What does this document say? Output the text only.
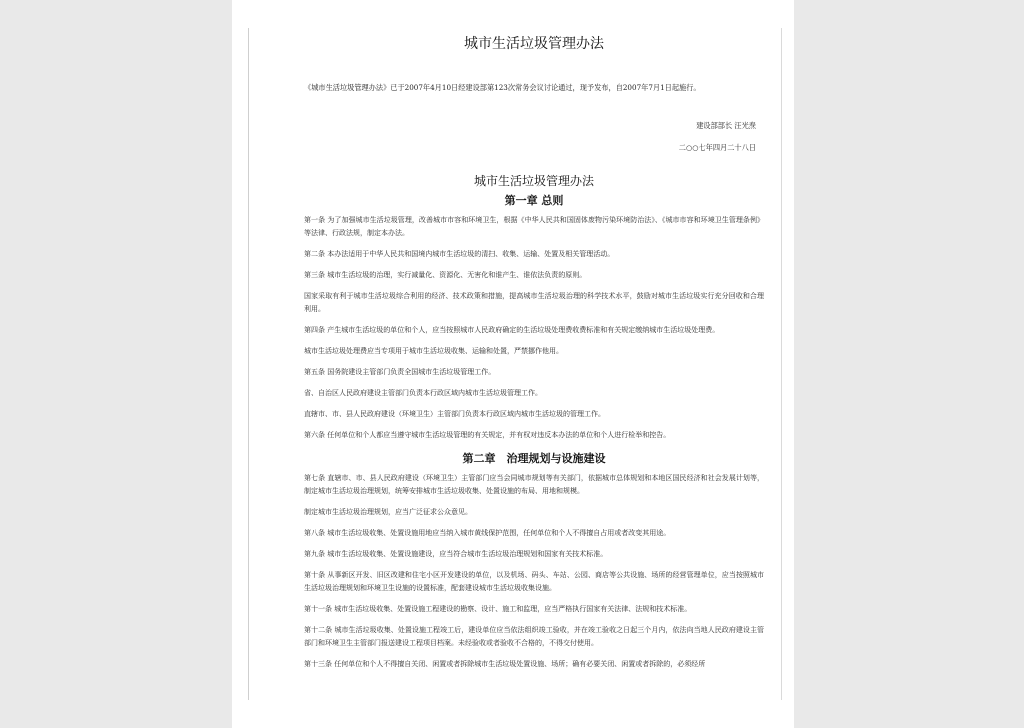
城市生活垃圾管理办法

《城市生活垃圾管理办法》已于2007年4月10日经建设部第123次常务会议讨论通过，现予发布，自2007年7月1日起施行。

建设部部长 汪光焘

二○○七年四月二十八日

城市生活垃圾管理办法
第一章 总则

第一条 为了加强城市生活垃圾管理，改善城市市容和环境卫生，根据《中华人民共和国固体废物污染环境防治法》、《城市市容和环境卫生管理条例》等法律、行政法规，制定本办法。

第二条 本办法适用于中华人民共和国境内城市生活垃圾的清扫、收集、运输、处置及相关管理活动。

第三条 城市生活垃圾的治理，实行减量化、资源化、无害化和谁产生、谁依法负责的原则。

国家采取有利于城市生活垃圾综合利用的经济、技术政策和措施，提高城市生活垃圾治理的科学技术水平，鼓励对城市生活垃圾实行充分回收和合理利用。

第四条 产生城市生活垃圾的单位和个人，应当按照城市人民政府确定的生活垃圾处理费收费标准和有关规定缴纳城市生活垃圾处理费。

城市生活垃圾处理费应当专项用于城市生活垃圾收集、运输和处置，严禁挪作他用。

第五条 国务院建设主管部门负责全国城市生活垃圾管理工作。

省、自治区人民政府建设主管部门负责本行政区域内城市生活垃圾管理工作。

直辖市、市、县人民政府建设（环境卫生）主管部门负责本行政区域内城市生活垃圾的管理工作。

第六条 任何单位和个人都应当遵守城市生活垃圾管理的有关规定，并有权对违反本办法的单位和个人进行检举和控告。

第二章　治理规划与设施建设

第七条 直辖市、市、县人民政府建设（环境卫生）主管部门应当会同城市规划等有关部门，依据城市总体规划和本地区国民经济和社会发展计划等，制定城市生活垃圾治理规划，统筹安排城市生活垃圾收集、处置设施的布局、用地和规模。

制定城市生活垃圾治理规划，应当广泛征求公众意见。

第八条 城市生活垃圾收集、处置设施用地应当纳入城市黄线保护范围，任何单位和个人不得擅自占用或者改变其用途。

第九条 城市生活垃圾收集、处置设施建设，应当符合城市生活垃圾治理规划和国家有关技术标准。

第十条 从事新区开发、旧区改建和住宅小区开发建设的单位，以及机场、码头、车站、公园、商店等公共设施、场所的经营管理单位，应当按照城市生活垃圾治理规划和环境卫生设施的设置标准，配套建设城市生活垃圾收集设施。

第十一条 城市生活垃圾收集、处置设施工程建设的勘察、设计、施工和监理，应当严格执行国家有关法律、法规和技术标准。

第十二条 城市生活垃圾收集、处置设施工程竣工后，建设单位应当依法组织竣工验收，并在竣工验收之日起三个月内，依法向当地人民政府建设主管部门和环境卫生主管部门报送建设工程项目档案。未经验收或者验收不合格的，不得交付使用。

第十三条 任何单位和个人不得擅自关闭、闲置或者拆除城市生活垃圾处置设施、场所；确有必要关闭、闲置或者拆除的，必须经所
